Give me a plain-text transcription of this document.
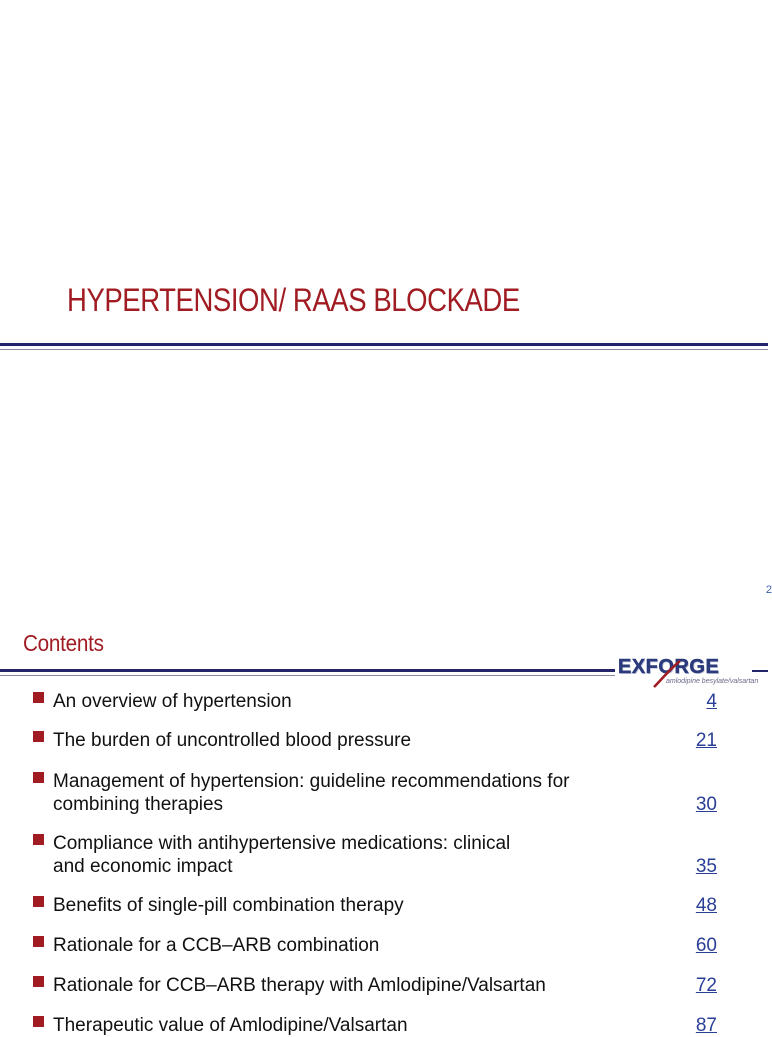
HYPERTENSION/ RAAS BLOCKADE
2
Contents
EXFORGE
amlodipine besylate/valsartan
An overview of hypertension	4
The burden of uncontrolled blood pressure	21
Management of hypertension: guideline recommendations for
combining therapies	30
Compliance with antihypertensive medications: clinical
and economic impact	35
Benefits of single-pill combination therapy	48
Rationale for a CCB–ARB combination	60
Rationale for CCB–ARB therapy with Amlodipine/Valsartan	72
Therapeutic value of Amlodipine/Valsartan	87
